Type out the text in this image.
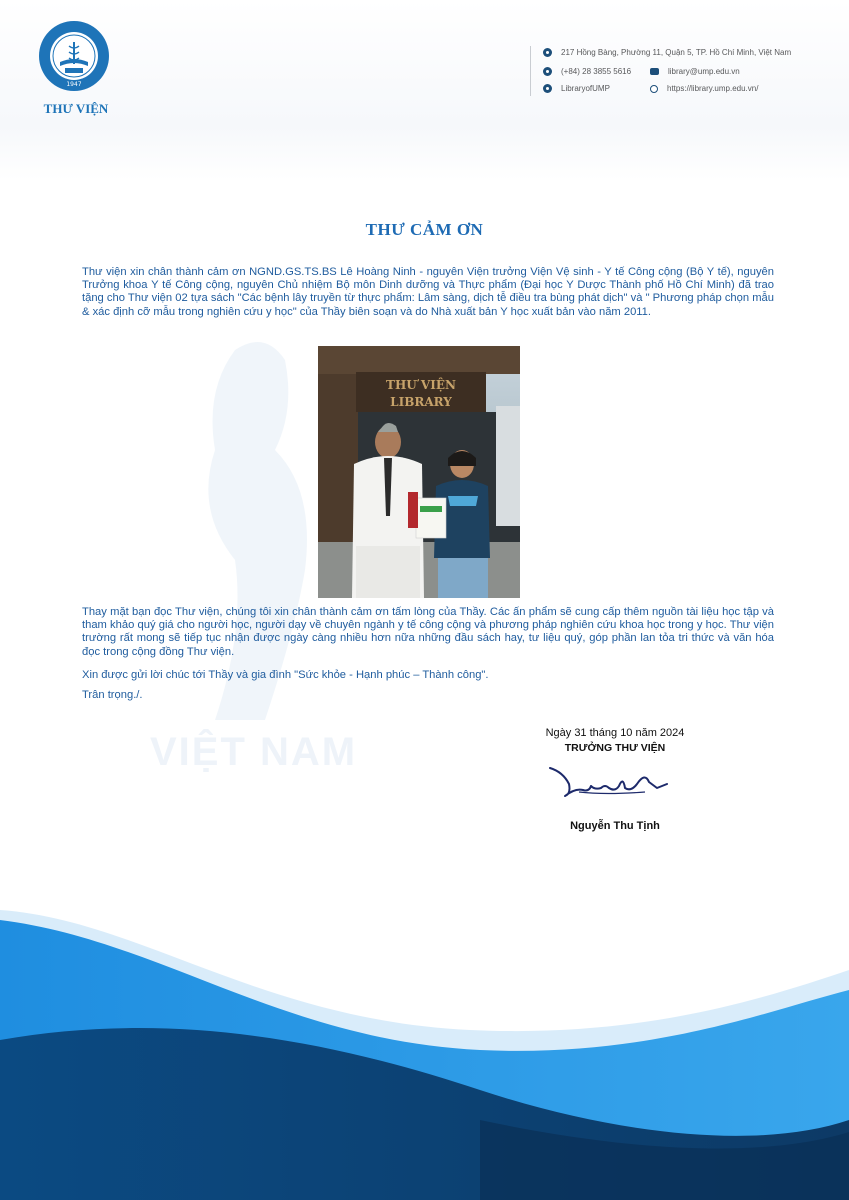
1947
THƯ VIỆN
217 Hồng Bàng, Phường 11, Quận 5, TP. Hồ Chí Minh, Việt Nam
(+84) 28 3855 5616	library@ump.edu.vn
LibraryofUMP	https://library.ump.edu.vn/
VIỆT NAM
THƯ CẢM ƠN

Thư viện xin chân thành cảm ơn NGND.GS.TS.BS Lê Hoàng Ninh - nguyên Viện trưởng Viện Vệ sinh - Y tế Công cộng (Bộ Y tế), nguyên Trưởng khoa Y tế Công cộng, nguyên Chủ nhiệm Bộ môn Dinh dưỡng và Thực phẩm (Đại học Y Dược Thành phố Hồ Chí Minh) đã trao tặng cho Thư viện 02 tựa sách "Các bệnh lây truyền từ thực phẩm: Lâm sàng, dịch tễ điều tra bùng phát dịch" và " Phương pháp chọn mẫu & xác định cỡ mẫu trong nghiên cứu y học" của Thầy biên soạn và do Nhà xuất bản Y học xuất bản vào năm 2011.

THƯ VIỆN
LIBRARY

Thay mặt bạn đọc Thư viện, chúng tôi xin chân thành cảm ơn tấm lòng của Thầy. Các ấn phẩm sẽ cung cấp thêm nguồn tài liệu học tập và tham khảo quý giá cho người học, người dạy về chuyên ngành y tế công cộng và phương pháp nghiên cứu khoa học trong y học. Thư viện trường rất mong sẽ tiếp tục nhận được ngày càng nhiều hơn nữa những đầu sách hay, tư liệu quý, góp phần lan tỏa tri thức và văn hóa đọc trong cộng đồng Thư viện.

Xin được gửi lời chúc tới Thầy và gia đình "Sức khỏe - Hạnh phúc – Thành công".

Trân trọng./.

Ngày 31 tháng 10 năm 2024
TRƯỞNG THƯ VIỆN
Nguyễn Thu Tịnh
